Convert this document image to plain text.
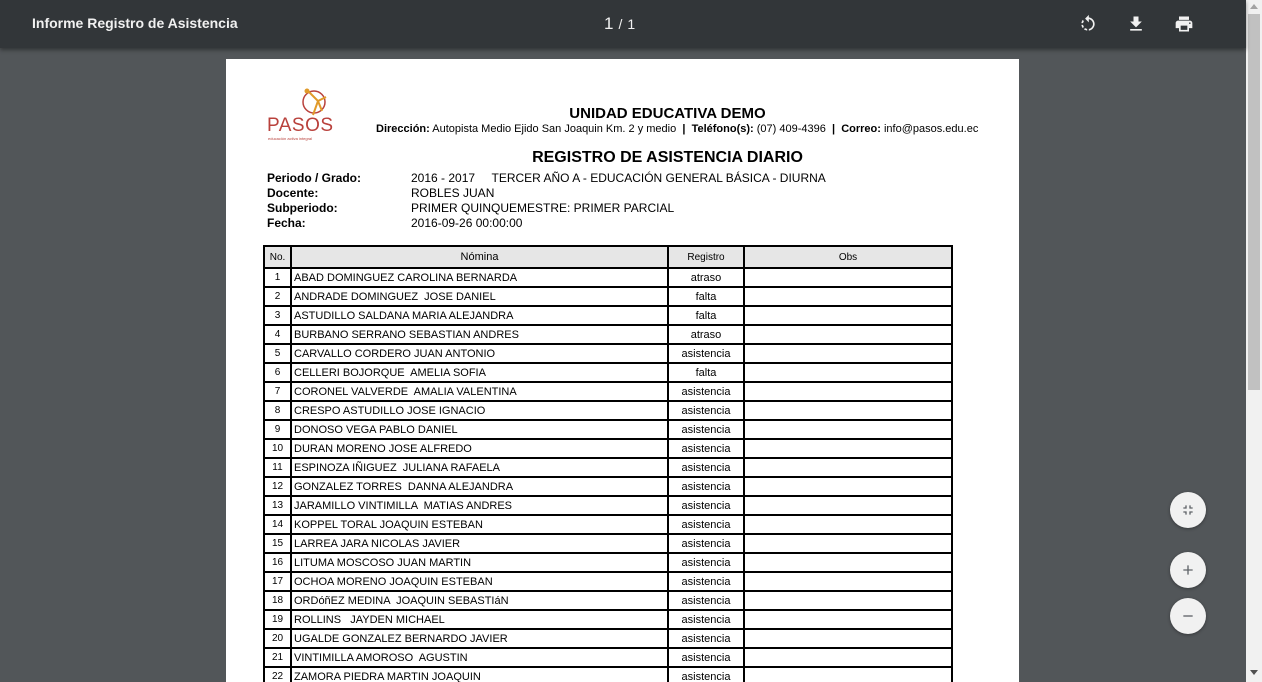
Informe Registro de Asistencia	1 / 1
PASOS
educación activa integral
UNIDAD EDUCATIVA DEMO
Dirección: Autopista Medio Ejido San Joaquin Km. 2 y medio | Teléfono(s): (07) 409-4396 | Correo: info@pasos.edu.ec
REGISTRO DE ASISTENCIA DIARIO
Periodo / Grado:	2016 - 2017     TERCER AÑO A - EDUCACIÓN GENERAL BÁSICA - DIURNA
Docente:	ROBLES JUAN
Subperiodo:	PRIMER QUINQUEMESTRE: PRIMER PARCIAL
Fecha:	2016-09-26 00:00:00
No.	Nómina	Registro	Obs
1	ABAD DOMINGUEZ CAROLINA BERNARDA	atraso	
2	ANDRADE DOMINGUEZ  JOSE DANIEL	falta	
3	ASTUDILLO SALDANA MARIA ALEJANDRA	falta	
4	BURBANO SERRANO SEBASTIAN ANDRES	atraso	
5	CARVALLO CORDERO JUAN ANTONIO	asistencia	
6	CELLERI BOJORQUE  AMELIA SOFIA	falta	
7	CORONEL VALVERDE  AMALIA VALENTINA	asistencia	
8	CRESPO ASTUDILLO JOSE IGNACIO	asistencia	
9	DONOSO VEGA PABLO DANIEL	asistencia	
10	DURAN MORENO JOSE ALFREDO	asistencia	
11	ESPINOZA IÑIGUEZ  JULIANA RAFAELA	asistencia	
12	GONZALEZ TORRES  DANNA ALEJANDRA	asistencia	
13	JARAMILLO VINTIMILLA  MATIAS ANDRES	asistencia	
14	KOPPEL TORAL JOAQUIN ESTEBAN	asistencia	
15	LARREA JARA NICOLAS JAVIER	asistencia	
16	LITUMA MOSCOSO JUAN MARTIN	asistencia	
17	OCHOA MORENO JOAQUIN ESTEBAN	asistencia	
18	ORDóñEZ MEDINA  JOAQUIN SEBASTIáN	asistencia	
19	ROLLINS   JAYDEN MICHAEL	asistencia	
20	UGALDE GONZALEZ BERNARDO JAVIER	asistencia	
21	VINTIMILLA AMOROSO  AGUSTIN	asistencia	
22	ZAMORA PIEDRA MARTIN JOAQUIN	asistencia	
